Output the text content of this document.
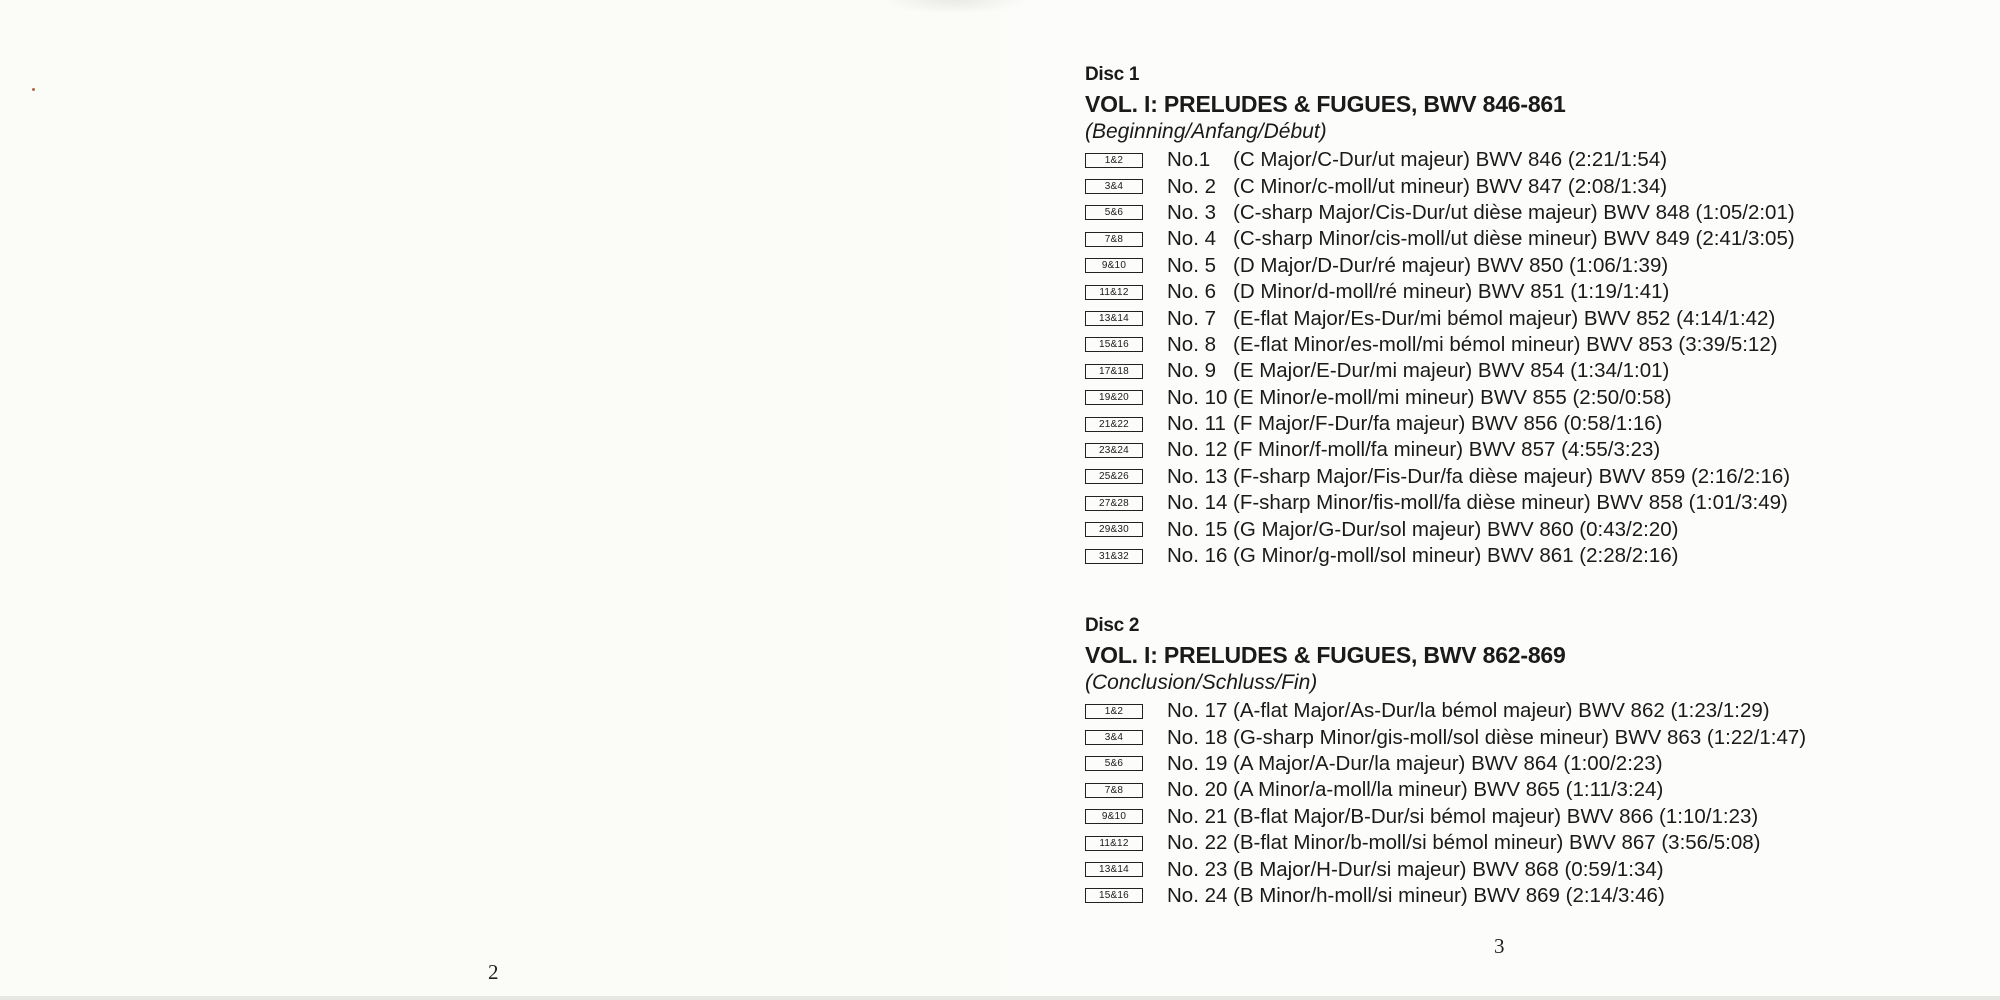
2
Disc 1
VOL. I: PRELUDES & FUGUES, BWV 846-861
(Beginning/Anfang/Début)
1&2	No.1	(C Major/C-Dur/ut majeur) BWV 846 (2:21/1:54)
3&4	No. 2 (C Minor/c-moll/ut mineur) BWV 847 (2:08/1:34)
5&6	No. 3 (C-sharp Major/Cis-Dur/ut dièse majeur) BWV 848 (1:05/2:01)
7&8	No. 4 (C-sharp Minor/cis-moll/ut dièse mineur) BWV 849 (2:41/3:05)
9&10	No. 5 (D Major/D-Dur/ré majeur) BWV 850 (1:06/1:39)
11&12	No. 6 (D Minor/d-moll/ré mineur) BWV 851 (1:19/1:41)
13&14	No. 7 (E-flat Major/Es-Dur/mi bémol majeur) BWV 852 (4:14/1:42)
15&16	No. 8 (E-flat Minor/es-moll/mi bémol mineur) BWV 853 (3:39/5:12)
17&18	No. 9 (E Major/E-Dur/mi majeur) BWV 854 (1:34/1:01)
19&20	No. 10 (E Minor/e-moll/mi mineur) BWV 855 (2:50/0:58)
21&22	No. 11 (F Major/F-Dur/fa majeur) BWV 856 (0:58/1:16)
23&24	No. 12 (F Minor/f-moll/fa mineur) BWV 857 (4:55/3:23)
25&26	No. 13 (F-sharp Major/Fis-Dur/fa dièse majeur) BWV 859 (2:16/2:16)
27&28	No. 14 (F-sharp Minor/fis-moll/fa dièse mineur) BWV 858 (1:01/3:49)
29&30	No. 15 (G Major/G-Dur/sol majeur) BWV 860 (0:43/2:20)
31&32	No. 16 (G Minor/g-moll/sol mineur) BWV 861 (2:28/2:16)
Disc 2
VOL. I: PRELUDES & FUGUES, BWV 862-869
(Conclusion/Schluss/Fin)
1&2	No. 17 (A-flat Major/As-Dur/la bémol majeur) BWV 862 (1:23/1:29)
3&4	No. 18 (G-sharp Minor/gis-moll/sol dièse mineur) BWV 863 (1:22/1:47)
5&6	No. 19 (A Major/A-Dur/la majeur) BWV 864 (1:00/2:23)
7&8	No. 20 (A Minor/a-moll/la mineur) BWV 865 (1:11/3:24)
9&10	No. 21 (B-flat Major/B-Dur/si bémol majeur) BWV 866 (1:10/1:23)
11&12	No. 22 (B-flat Minor/b-moll/si bémol mineur) BWV 867 (3:56/5:08)
13&14	No. 23 (B Major/H-Dur/si majeur) BWV 868 (0:59/1:34)
15&16	No. 24 (B Minor/h-moll/si mineur) BWV 869 (2:14/3:46)
3
